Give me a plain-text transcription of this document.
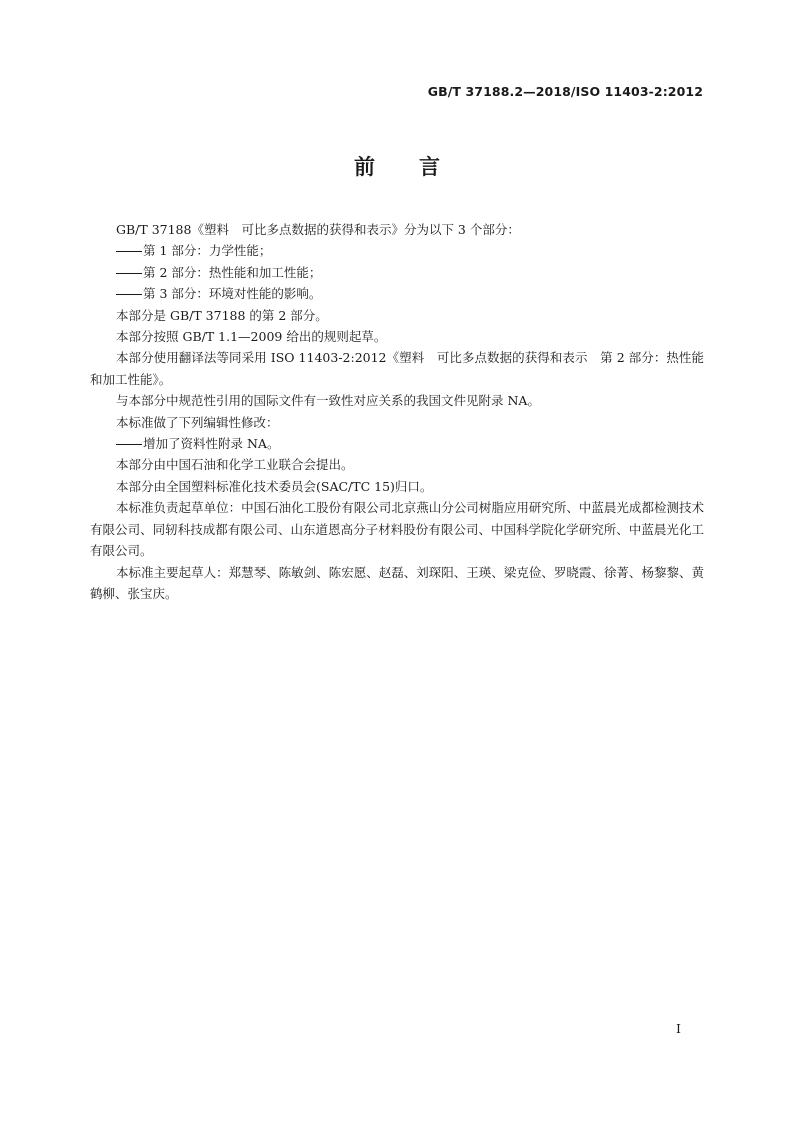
GB/T 37188.2—2018/ISO 11403-2:2012
前言

GB/T 37188《塑料　可比多点数据的获得和表示》分为以下 3 个部分：

第 1 部分：力学性能；

第 2 部分：热性能和加工性能；

第 3 部分：环境对性能的影响。

本部分是 GB/T 37188 的第 2 部分。

本部分按照 GB/T 1.1—2009 给出的规则起草。

本部分使用翻译法等同采用 ISO 11403-2:2012《塑料　可比多点数据的获得和表示　第 2 部分：热性能和加工性能》。

与本部分中规范性引用的国际文件有一致性对应关系的我国文件见附录 NA。

本标准做了下列编辑性修改：

增加了资料性附录 NA。

本部分由中国石油和化学工业联合会提出。

本部分由全国塑料标准化技术委员会(SAC/TC 15)归口。

本标准负责起草单位：中国石油化工股份有限公司北京燕山分公司树脂应用研究所、中蓝晨光成都检测技术有限公司、同轫科技成都有限公司、山东道恩高分子材料股份有限公司、中国科学院化学研究所、中蓝晨光化工有限公司。

本标准主要起草人：郑慧琴、陈敏剑、陈宏愿、赵磊、刘琛阳、王瑛、梁克俭、罗晓霞、徐菁、杨黎黎、黄鹤柳、张宝庆。

I
